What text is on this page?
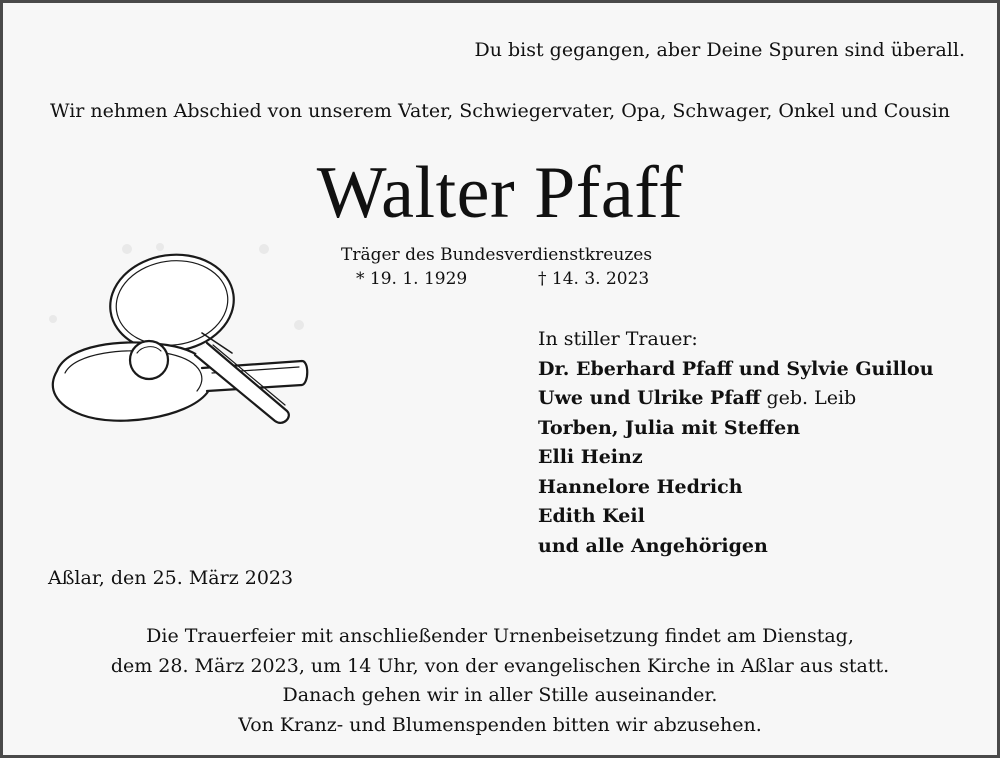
Du bist gegangen, aber Deine Spuren sind überall.
Wir nehmen Abschied von unserem Vater, Schwiegervater, Opa, Schwager, Onkel und Cousin
Walter Pfaff
Träger des Bundesverdienstkreuzes
* 19. 1. 1929	† 14. 3. 2023
In stiller Trauer:
Dr. Eberhard Pfaff und Sylvie Guillou
Uwe und Ulrike Pfaff geb. Leib
Torben, Julia mit Steffen
Elli Heinz
Hannelore Hedrich
Edith Keil
und alle Angehörigen
Aßlar, den 25. März 2023
Die Trauerfeier mit anschließender Urnenbeisetzung findet am Dienstag,
dem 28. März 2023, um 14 Uhr, von der evangelischen Kirche in Aßlar aus statt.
Danach gehen wir in aller Stille auseinander.
Von Kranz- und Blumenspenden bitten wir abzusehen.
